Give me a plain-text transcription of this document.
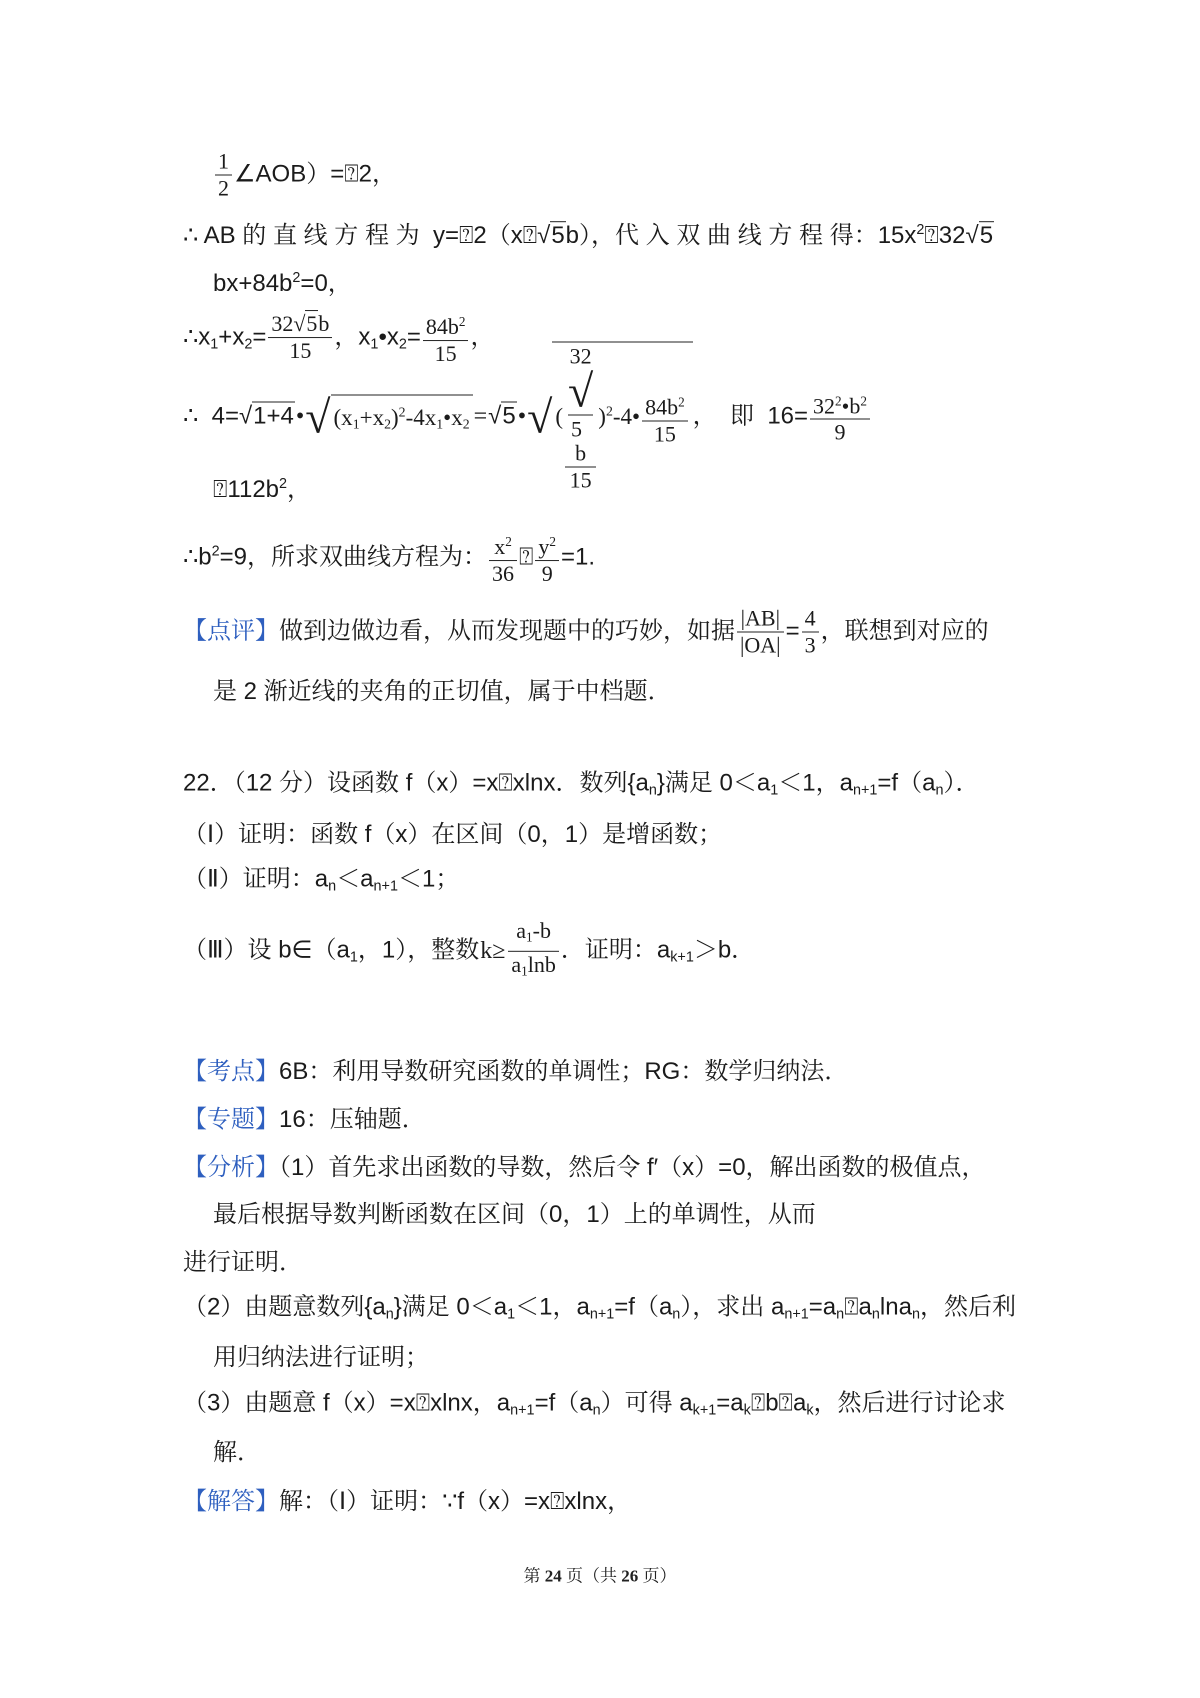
$\frac{1}{2}$ ∠AOB）=⍰2，
∴ AB 的 直 线 方 程 为  y=⍰2（x⍰√5b），代 入 双 曲 线 方 程 得：$15x^2⍰32√5$
$bx+84b^2=0$，
$\therefore x_1+x_2= \frac{32√5b}{15}$ ，$x_1•x_2= \frac{84b^2}{15}$ ，
∴  4=√1+4• √ $(x_1+x_2)^2-4x_1•x_2$ =√5• √ ( 32
√
5
b
15 )$^2$-4• $\frac{84b^2}{15}$ ，  即  $16= \frac{32^2•b^2}{9}$
$⍰112b^2$，
$\therefore b^2=9$，所求双曲线方程为： $\frac{x^2}{36}$ ⍰ $\frac{y^2}{9} =1$.
【点评】做到边做边看，从而发现题中的巧妙，如据 $\frac{|AB|}{|OA|} = \frac{4}{3}$ ，联想到对应的
是 2 渐近线的夹角的正切值，属于中档题．
22．（12 分）设函数 f（x）=x⍰xlnx．数列$\{a_n\}$满足 $0<a_1<1$，$a_{n+1}=f(a_n)$．
（Ⅰ）证明：函数 f（x）在区间（0，1）是增函数；
（Ⅱ）证明：$a_n<a_{n+1}<1$；
（Ⅲ）设 $b\in(a_1$，1），整数$k\ge \frac{a_1-b}{a_1\ln b}$ ．证明：$a_{k+1}>b$．
【考点】6B：利用导数研究函数的单调性；RG：数学归纳法．
【专题】16：压轴题．
【分析】（1）首先求出函数的导数，然后令 f′（x）=0，解出函数的极值点，
最后根据导数判断函数在区间（0，1）上的单调性，从而
进行证明．
（2）由题意数列$\{a_n\}$满足 $0<a_1<1$，$a_{n+1}=f(a_n)$，求出 $a_{n+1}=a_n⍰a_n\ln a_n$，然后利
用归纳法进行证明；
（3）由题意 f（x）=x⍰xlnx，$a_{n+1}=f(a_n)$可得 $a_{k+1}=a_k⍰b⍰a_k$，然后进行讨论求
解．
【解答】解：（Ⅰ）证明：∵f（x）=x⍰xlnx，
第 24 页（共 26 页）
